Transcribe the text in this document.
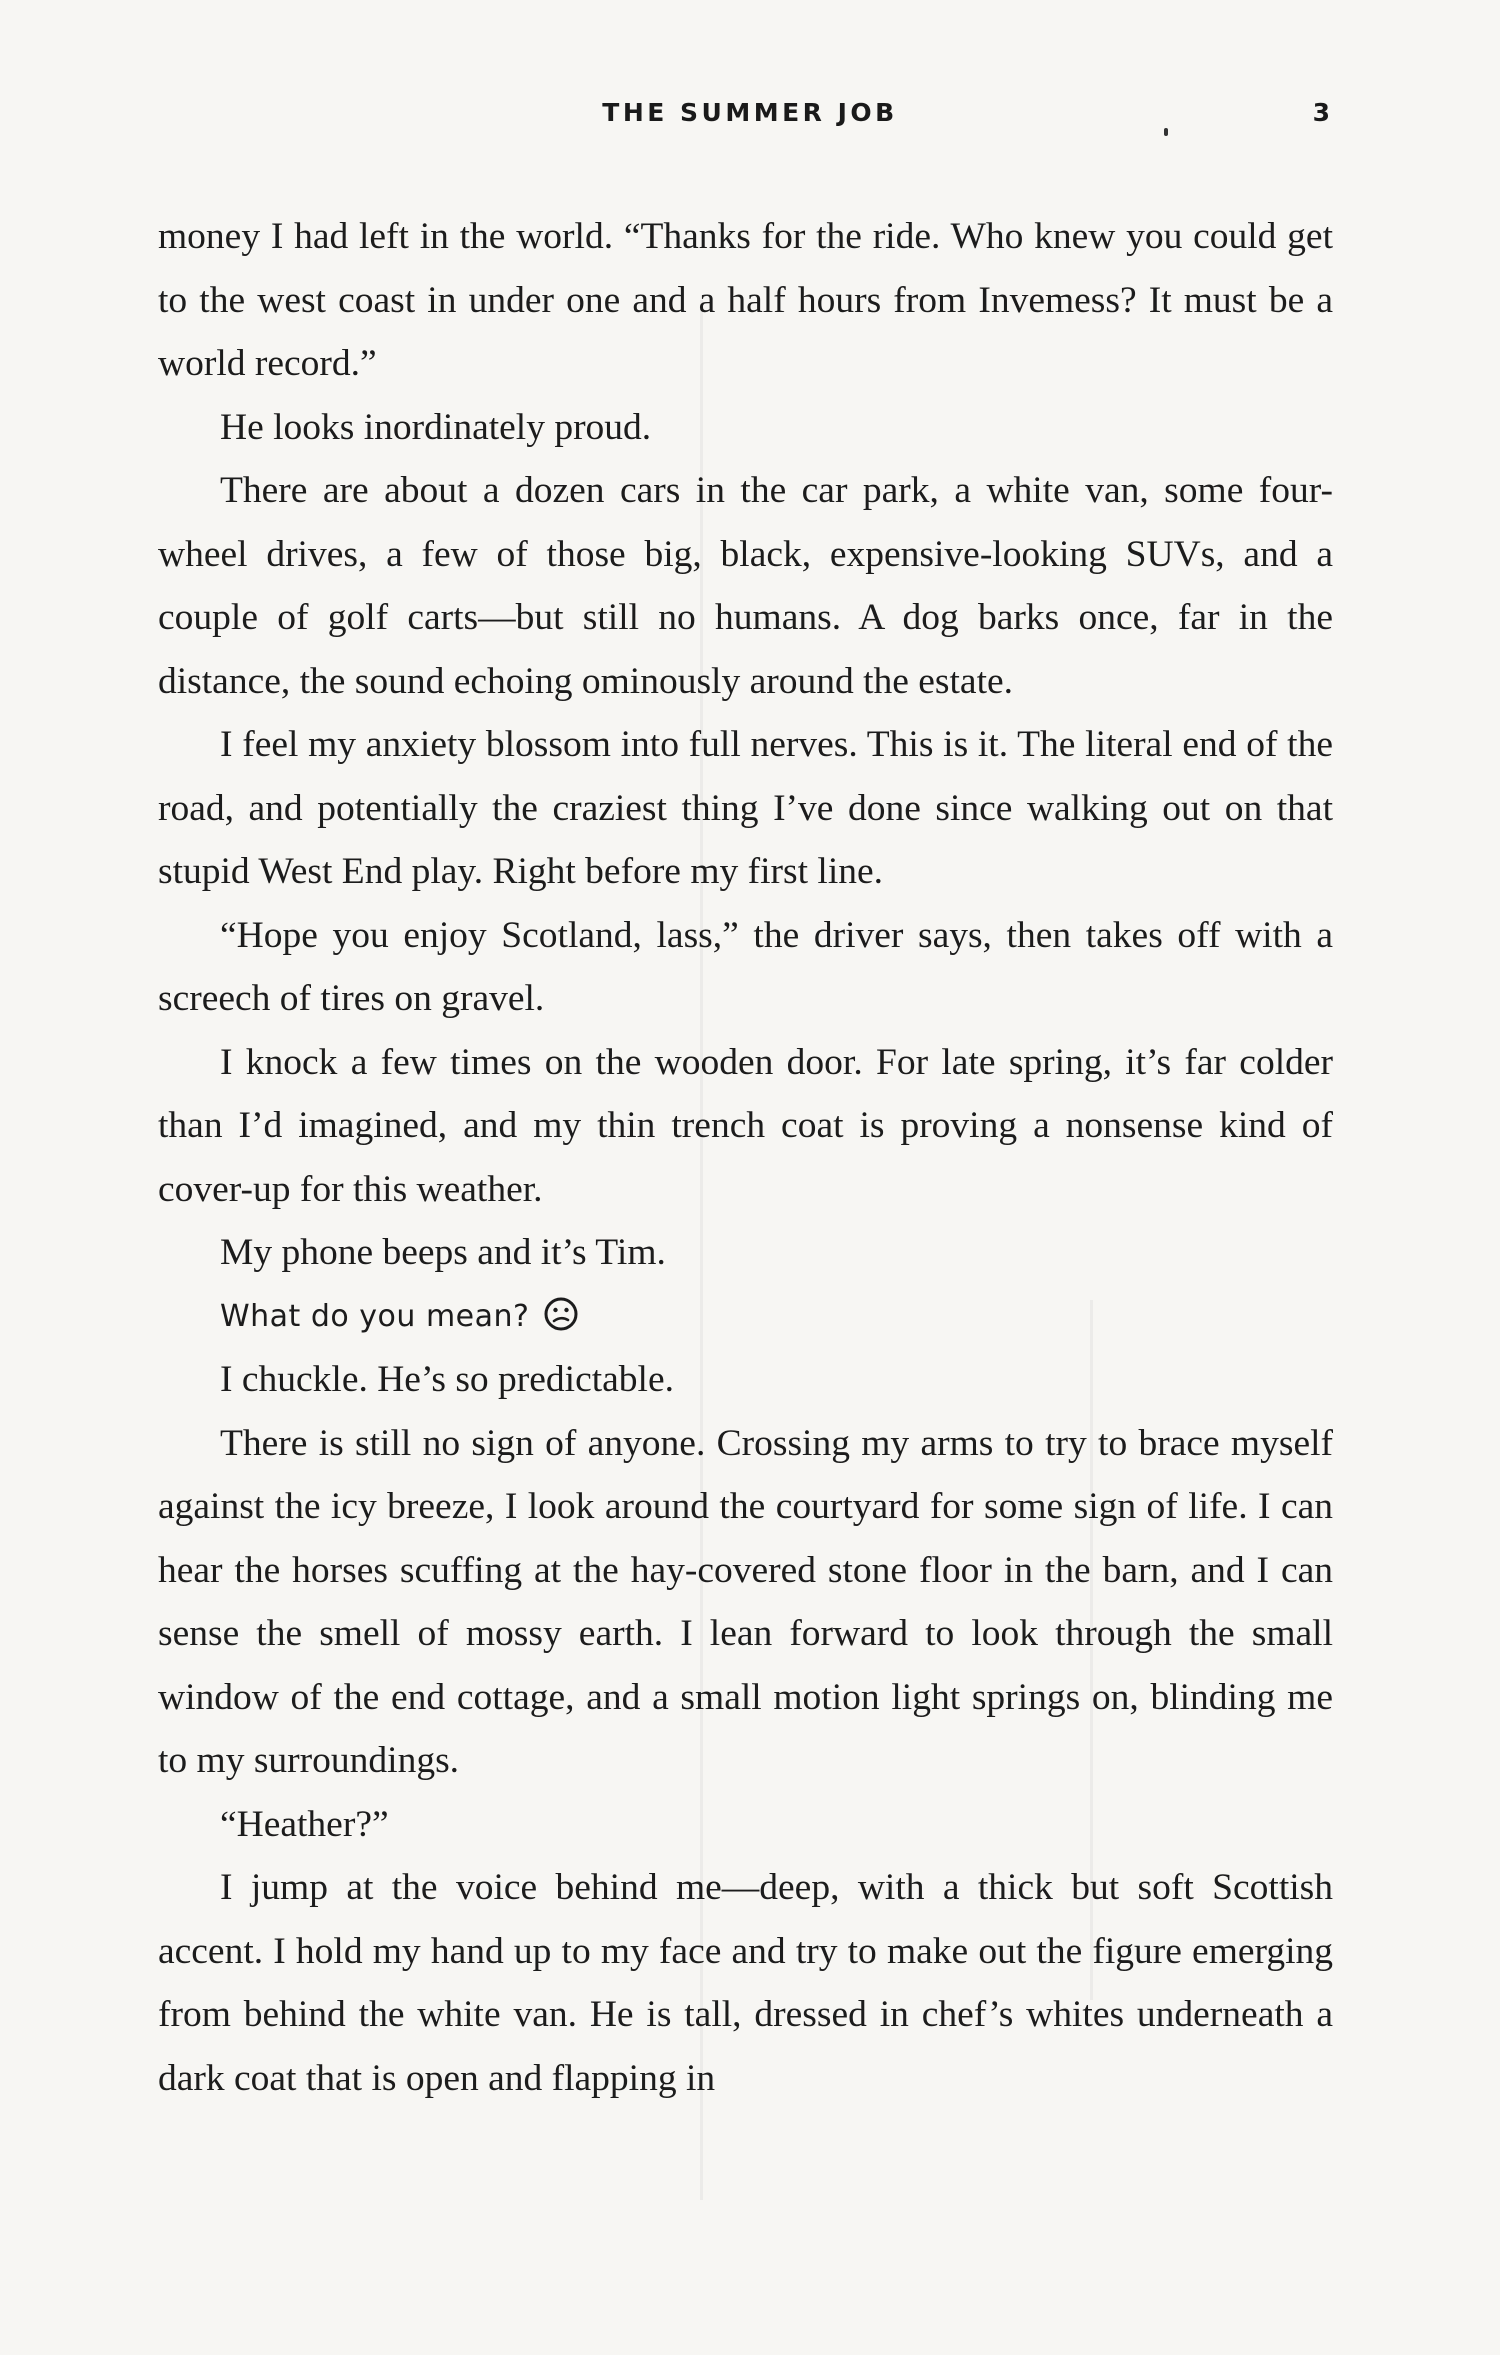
THE SUMMER JOB	3

money I had left in the world. “Thanks for the ride. Who knew you could get to the west coast in under one and a half hours from Invemess? It must be a world record.”

He looks inordinately proud.

There are about a dozen cars in the car park, a white van, some four-wheel drives, a few of those big, black, expensive-looking SUVs, and a couple of golf carts—but still no humans. A dog barks once, far in the distance, the sound echoing ominously around the estate.

I feel my anxiety blossom into full nerves. This is it. The literal end of the road, and potentially the craziest thing I’ve done since walking out on that stupid West End play. Right before my first line.

“Hope you enjoy Scotland, lass,” the driver says, then takes off with a screech of tires on gravel.

I knock a few times on the wooden door. For late spring, it’s far colder than I’d imagined, and my thin trench coat is proving a nonsense kind of cover-up for this weather.

My phone beeps and it’s Tim.

What do you mean?

I chuckle. He’s so predictable.

There is still no sign of anyone. Crossing my arms to try to brace myself against the icy breeze, I look around the courtyard for some sign of life. I can hear the horses scuffing at the hay-covered stone floor in the barn, and I can sense the smell of mossy earth. I lean forward to look through the small window of the end cottage, and a small motion light springs on, blinding me to my surroundings.

“Heather?”

I jump at the voice behind me—deep, with a thick but soft Scottish accent. I hold my hand up to my face and try to make out the figure emerging from behind the white van. He is tall, dressed in chef’s whites underneath a dark coat that is open and flapping in
